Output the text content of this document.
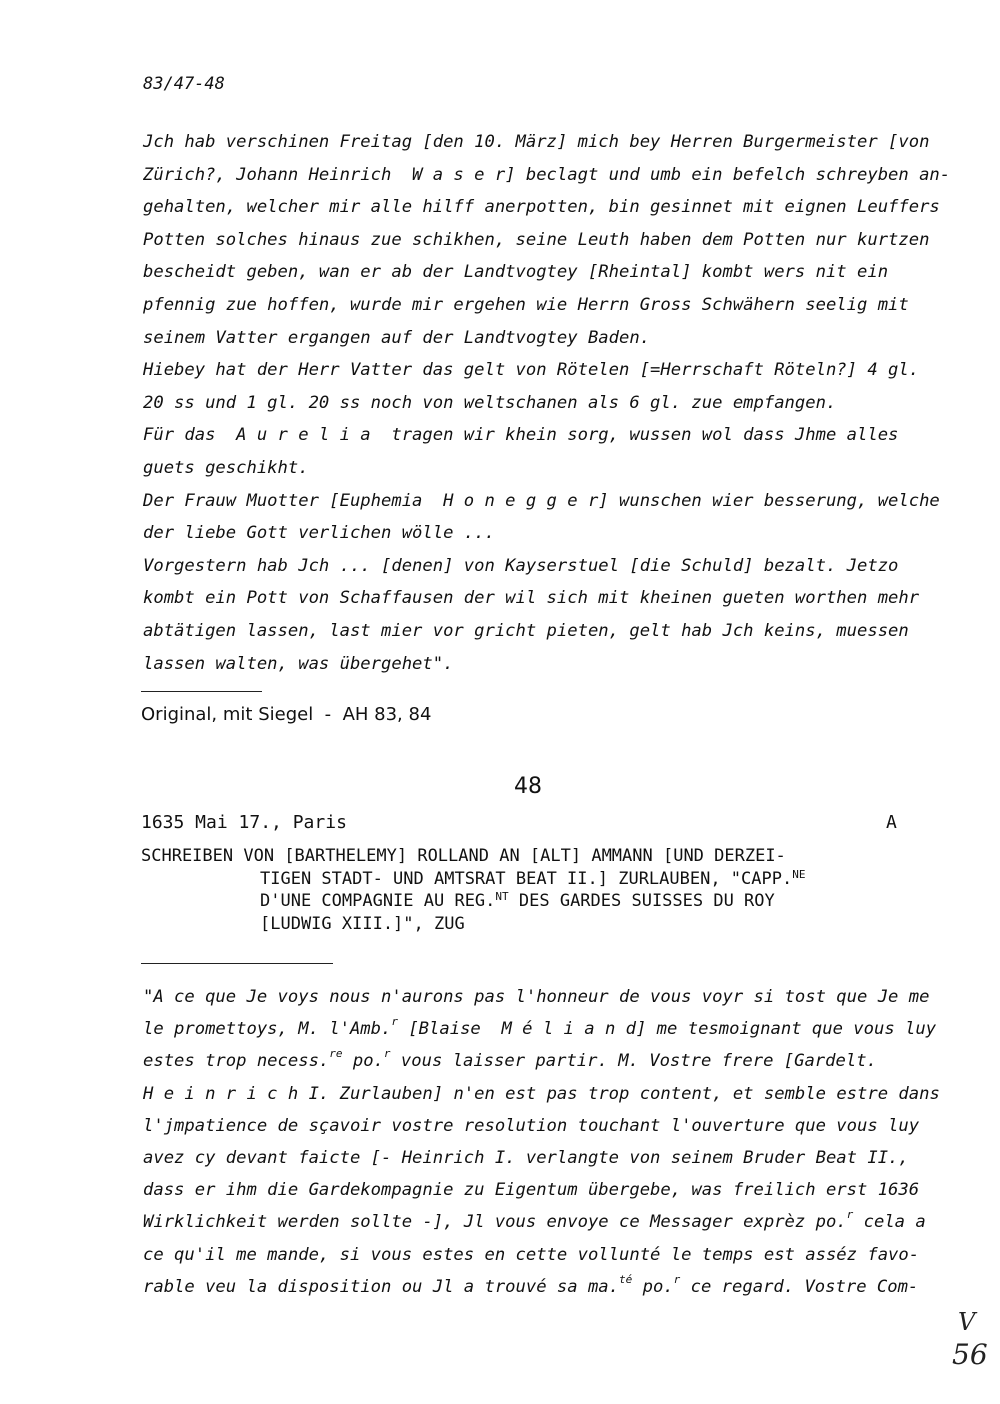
83/47-48
Jch hab verschinen Freitag [den 10. März] mich bey Herren Burgermeister [von
Zürich?, Johann Heinrich  W a s e r] beclagt und umb ein befelch schreyben an-
gehalten, welcher mir alle hilff anerpotten, bin gesinnet mit eignen Leuffers
Potten solches hinaus zue schikhen, seine Leuth haben dem Potten nur kurtzen
bescheidt geben, wan er ab der Landtvogtey [Rheintal] kombt wers nit ein
pfennig zue hoffen, wurde mir ergehen wie Herrn Gross Schwähern seelig mit
seinem Vatter ergangen auf der Landtvogtey Baden.
Hiebey hat der Herr Vatter das gelt von Rötelen [=Herrschaft Röteln?] 4 gl.
20 ss und 1 gl. 20 ss noch von weltschanen als 6 gl. zue empfangen.
Für das  A u r e l i a  tragen wir khein sorg, wussen wol dass Jhme alles
guets geschikht.
Der Frauw Muotter [Euphemia  H o n e g g e r] wunschen wier besserung, welche
der liebe Gott verlichen wölle ...
Vorgestern hab Jch ... [denen] von Kayserstuel [die Schuld] bezalt. Jetzo
kombt ein Pott von Schaffausen der wil sich mit kheinen gueten worthen mehr
abtätigen lassen, last mier vor gricht pieten, gelt hab Jch keins, muessen
lassen walten, was übergehet".
Original, mit Siegel  -  AH 83, 84
48
1635 Mai 17., Paris	A
SCHREIBEN VON [BARTHELEMY] ROLLAND AN [ALT] AMMANN [UND DERZEI-
TIGEN STADT- UND AMTSRAT BEAT II.] ZURLAUBEN, "CAPP.$^{NE}$
D'UNE COMPAGNIE AU REG.$^{NT}$ DES GARDES SUISSES DU ROY
[LUDWIG XIII.]", ZUG
"A ce que Je voys nous n'aurons pas l'honneur de vous voyr si tost que Je me
le promettoys, M. l'Amb.$^r$ [Blaise  M é l i a n d] me tesmoignant que vous luy
estes trop necess.$^{re}$ po.$^r$ vous laisser partir. M. Vostre frere [Gardelt.
H e i n r i c h I. Zurlauben] n'en est pas trop content, et semble estre dans
l'jmpatience de sçavoir vostre resolution touchant l'ouverture que vous luy
avez cy devant faicte [- Heinrich I. verlangte von seinem Bruder Beat II.,
dass er ihm die Gardekompagnie zu Eigentum übergebe, was freilich erst 1636
Wirklichkeit werden sollte -], Jl vous envoye ce Messager exprèz po.$^r$ cela a
ce qu'il me mande, si vous estes en cette vollunté le temps est asséz favo-
rable veu la disposition ou Jl a trouvé sa ma.$^{té}$ po.$^r$ ce regard. Vostre Com-
V
56
